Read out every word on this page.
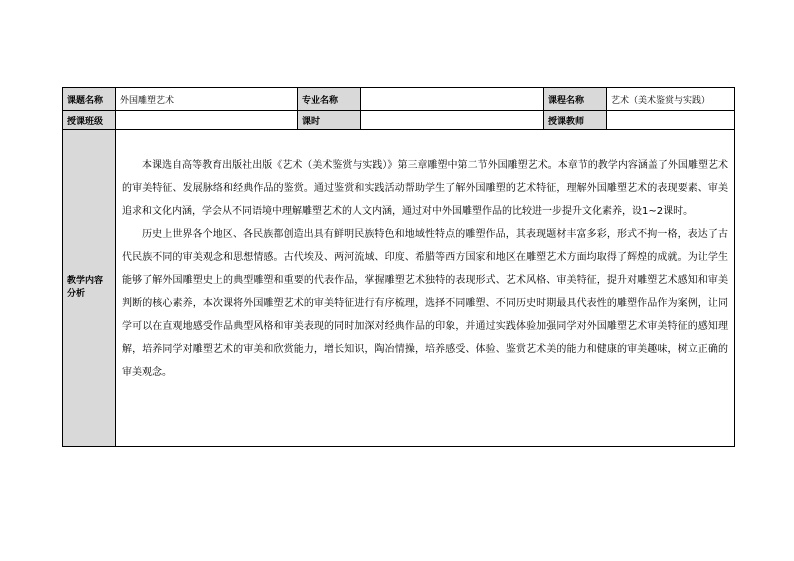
课题名称	外国雕塑艺术	专业名称		课程名称	艺术（美术鉴赏与实践）
授课班级		课时		授课教师	
教学内容分析	本课选自高等教育出版社出版《艺术（美术鉴赏与实践）》第三章雕塑中第二节外国雕塑艺术。本章节的教学内容涵盖了外国雕塑艺术的审美特征、发展脉络和经典作品的鉴赏。通过鉴赏和实践活动帮助学生了解外国雕塑的艺术特征，理解外国雕塑艺术的表现要素、审美追求和文化内涵，学会从不同语境中理解雕塑艺术的人文内涵，通过对中外国雕塑作品的比较进一步提升文化素养，设1~2课时。

历史上世界各个地区、各民族都创造出具有鲜明民族特色和地域性特点的雕塑作品，其表现题材丰富多彩，形式不拘一格，表达了古代民族不同的审美观念和思想情感。古代埃及、两河流域、印度、希腊等西方国家和地区在雕塑艺术方面均取得了辉煌的成就。为让学生能够了解外国雕塑史上的典型雕塑和重要的代表作品，掌握雕塑艺术独特的表现形式、艺术风格、审美特征，提升对雕塑艺术感知和审美判断的核心素养，本次课将外国雕塑艺术的审美特征进行有序梳理，选择不同雕塑、不同历史时期最具代表性的雕塑作品作为案例，让同学可以在直观地感受作品典型风格和审美表现的同时加深对经典作品的印象，并通过实践体验加强同学对外国雕塑艺术审美特征的感知理解，培养同学对雕塑艺术的审美和欣赏能力，增长知识，陶冶情操，培养感受、体验、鉴赏艺术美的能力和健康的审美趣味，树立正确的审美观念。				
